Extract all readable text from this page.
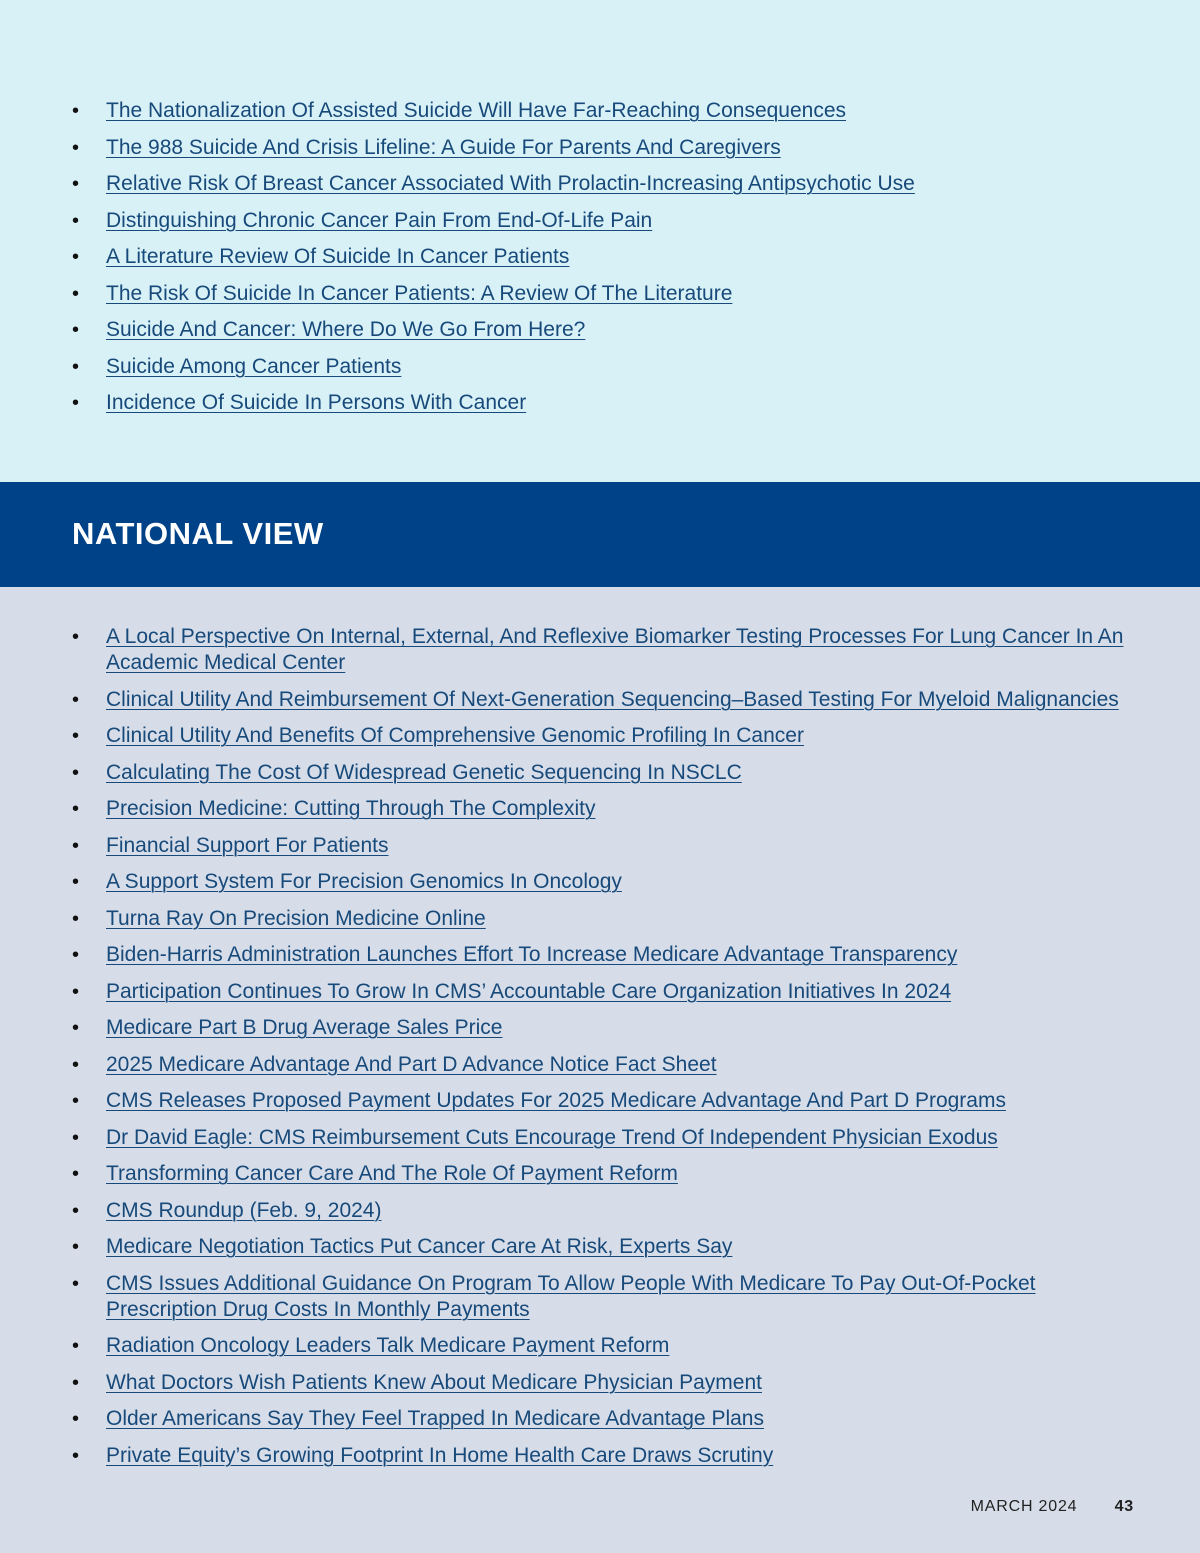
• The Nationalization Of Assisted Suicide Will Have Far-Reaching Consequences
• The 988 Suicide And Crisis Lifeline: A Guide For Parents And Caregivers
• Relative Risk Of Breast Cancer Associated With Prolactin-Increasing Antipsychotic Use
• Distinguishing Chronic Cancer Pain From End-Of-Life Pain
• A Literature Review Of Suicide In Cancer Patients
• The Risk Of Suicide In Cancer Patients: A Review Of The Literature
• Suicide And Cancer: Where Do We Go From Here?
• Suicide Among Cancer Patients
• Incidence Of Suicide In Persons With Cancer
NATIONAL VIEW
• A Local Perspective On Internal, External, And Reflexive Biomarker Testing Processes For Lung Cancer In An Academic Medical Center
• Clinical Utility And Reimbursement Of Next-Generation Sequencing–Based Testing For Myeloid Malignancies
• Clinical Utility And Benefits Of Comprehensive Genomic Profiling In Cancer
• Calculating The Cost Of Widespread Genetic Sequencing In NSCLC
• Precision Medicine: Cutting Through The Complexity
• Financial Support For Patients
• A Support System For Precision Genomics In Oncology
• Turna Ray On Precision Medicine Online
• Biden-Harris Administration Launches Effort To Increase Medicare Advantage Transparency
• Participation Continues To Grow In CMS’ Accountable Care Organization Initiatives In 2024
• Medicare Part B Drug Average Sales Price
• 2025 Medicare Advantage And Part D Advance Notice Fact Sheet
• CMS Releases Proposed Payment Updates For 2025 Medicare Advantage And Part D Programs
• Dr David Eagle: CMS Reimbursement Cuts Encourage Trend Of Independent Physician Exodus
• Transforming Cancer Care And The Role Of Payment Reform
• CMS Roundup (Feb. 9, 2024)
• Medicare Negotiation Tactics Put Cancer Care At Risk, Experts Say
• CMS Issues Additional Guidance On Program To Allow People With Medicare To Pay Out-Of-Pocket Prescription Drug Costs In Monthly Payments
• Radiation Oncology Leaders Talk Medicare Payment Reform
• What Doctors Wish Patients Knew About Medicare Physician Payment
• Older Americans Say They Feel Trapped In Medicare Advantage Plans
• Private Equity’s Growing Footprint In Home Health Care Draws Scrutiny
MARCH 2024 43
